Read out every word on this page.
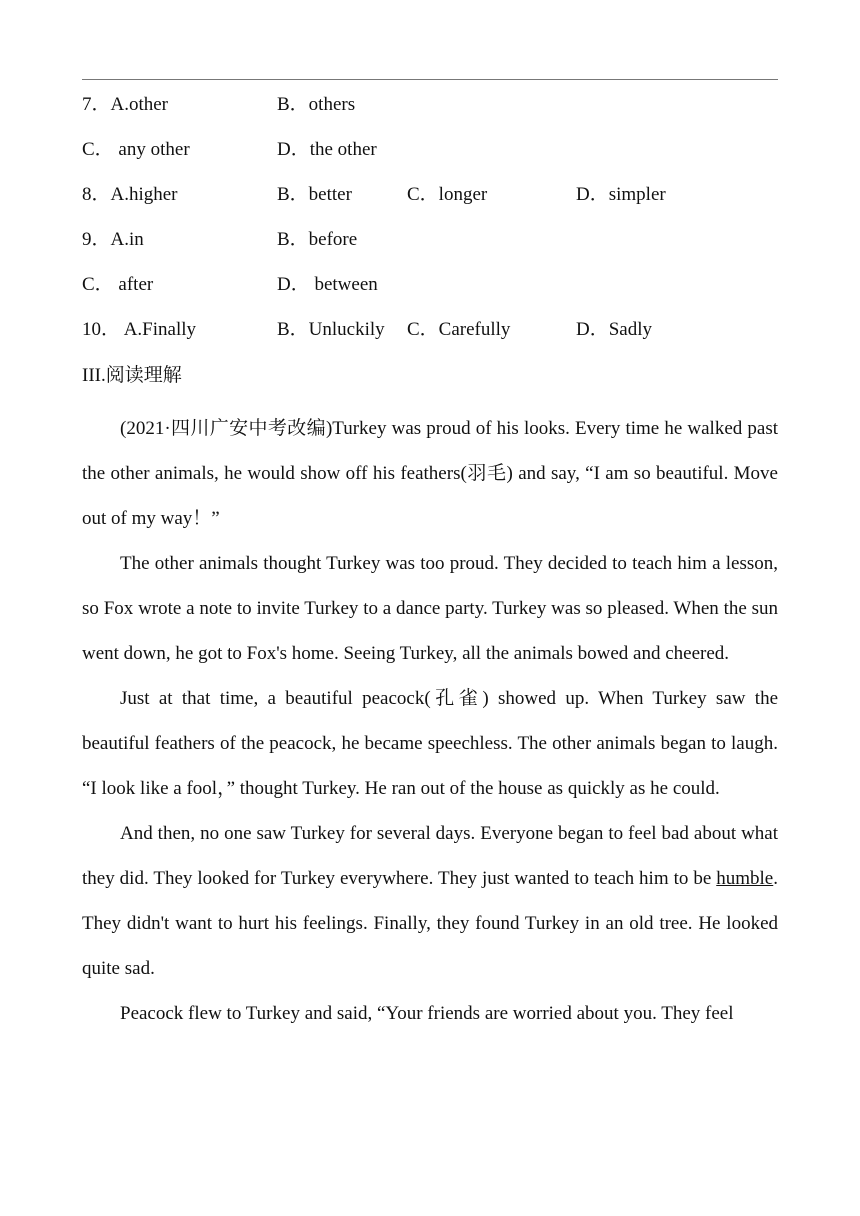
7．A.other	B．others
C． any other	D．the other
8．A.higher	B．better	C．longer	D．simpler
9．A.in	B．before
C． after	D． between
10． A.Finally	B．Unluckily C．Carefully	D．Sadly
III.阅读理解

(2021·四川广安中考改编)Turkey was proud of his looks. Every time he walked past the other animals, he would show off his feathers(羽毛) and say, “I am so beautiful. Move out of my way！”

The other animals thought Turkey was too proud. They decided to teach him a lesson, so Fox wrote a note to invite Turkey to a dance party. Turkey was so pleased. When the sun went down, he got to Fox's home. Seeing Turkey, all the animals bowed and cheered.

Just at that time, a beautiful peacock(孔雀) showed up. When Turkey saw the beautiful feathers of the peacock, he became speechless. The other animals began to laugh. “I look like a fool，” thought Turkey. He ran out of the house as quickly as he could.

And then, no one saw Turkey for several days. Everyone began to feel bad about what they did. They looked for Turkey everywhere. They just wanted to teach him to be humble. They didn't want to hurt his feelings. Finally, they found Turkey in an old tree. He looked quite sad.

Peacock flew to Turkey and said, “Your friends are worried about you. They feel
